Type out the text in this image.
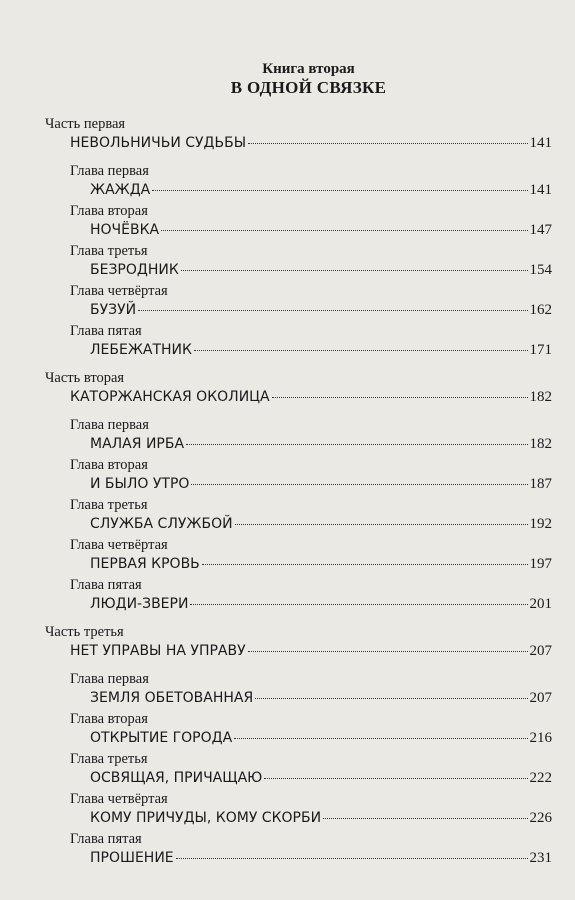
Книга вторая
В ОДНОЙ СВЯЗКЕ
Часть первая
НЕВОЛЬНИЧЬИ СУДЬБЫ	141
Глава первая
ЖАЖДА	141
Глава вторая
НОЧЁВКА	147
Глава третья
БЕЗРОДНИК	154
Глава четвёртая
БУЗУЙ	162
Глава пятая
ЛЕБЕЖАТНИК	171
Часть вторая
КАТОРЖАНСКАЯ ОКОЛИЦА	182
Глава первая
МАЛАЯ ИРБА	182
Глава вторая
И БЫЛО УТРО	187
Глава третья
СЛУЖБА СЛУЖБОЙ	192
Глава четвёртая
ПЕРВАЯ КРОВЬ	197
Глава пятая
ЛЮДИ-ЗВЕРИ	201
Часть третья
НЕТ УПРАВЫ НА УПРАВУ	207
Глава первая
ЗЕМЛЯ ОБЕТОВАННАЯ	207
Глава вторая
ОТКРЫТИЕ ГОРОДА	216
Глава третья
ОСВЯЩАЯ, ПРИЧАЩАЮ	222
Глава четвёртая
КОМУ ПРИЧУДЫ, КОМУ СКОРБИ	226
Глава пятая
ПРОШЕНИЕ	231
